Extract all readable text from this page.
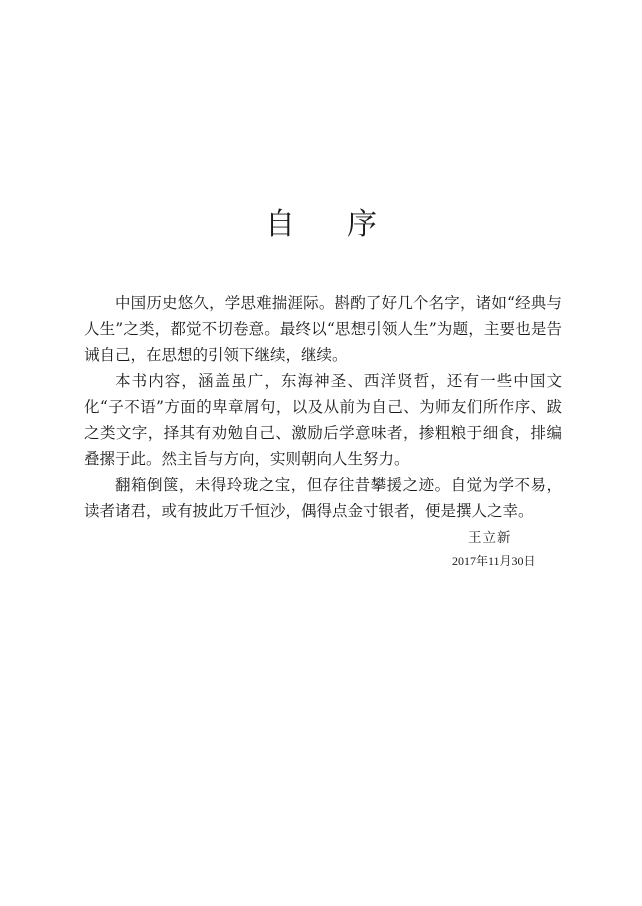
自 序

中国历史悠久，学思难揣涯际。斟酌了好几个名字，诸如“经典与人生”之类，都觉不切卷意。最终以“思想引领人生”为题，主要也是告诫自己，在思想的引领下继续，继续。

本书内容，涵盖虽广，东海神圣、西洋贤哲，还有一些中国文化“子不语”方面的卑章屑句，以及从前为自己、为师友们所作序、跋之类文字，择其有劝勉自己、激励后学意味者，掺粗粮于细食，排编叠摞于此。然主旨与方向，实则朝向人生努力。

翻箱倒箧，未得玲珑之宝，但存往昔攀援之迹。自觉为学不易，读者诸君，或有披此万千恒沙，偶得点金寸银者，便是撰人之幸。

王立新
2017年11月30日
